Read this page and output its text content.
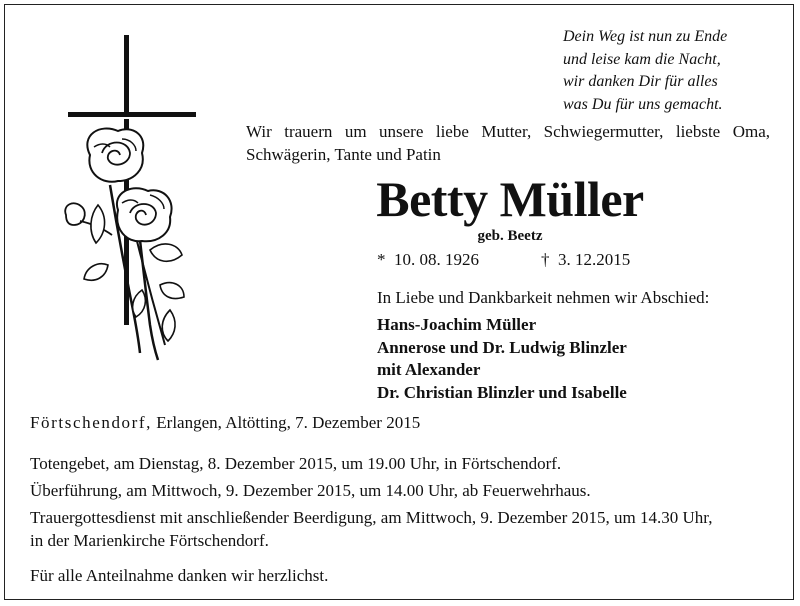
Dein Weg ist nun zu Ende
und leise kam die Nacht,
wir danken Dir für alles
was Du für uns gemacht.
Wir trauern um unsere liebe Mutter, Schwiegermutter, liebste Oma,
Schwägerin, Tante und Patin
Betty Müller
geb. Beetz
* 10. 08. 1926	† 3. 12.2015
In Liebe und Dankbarkeit nehmen wir Abschied:
Hans-Joachim Müller
Annerose und Dr. Ludwig Blinzler
mit Alexander
Dr. Christian Blinzler und Isabelle
Förtschendorf, Erlangen, Altötting, 7. Dezember 2015
Totengebet, am Dienstag, 8. Dezember 2015, um 19.00 Uhr, in Förtschendorf.
Überführung, am Mittwoch, 9. Dezember 2015, um 14.00 Uhr, ab Feuerwehrhaus.
Trauergottesdienst mit anschließender Beerdigung, am Mittwoch, 9. Dezember 2015, um 14.30 Uhr,
in der Marienkirche Förtschendorf.
Für alle Anteilnahme danken wir herzlichst.
